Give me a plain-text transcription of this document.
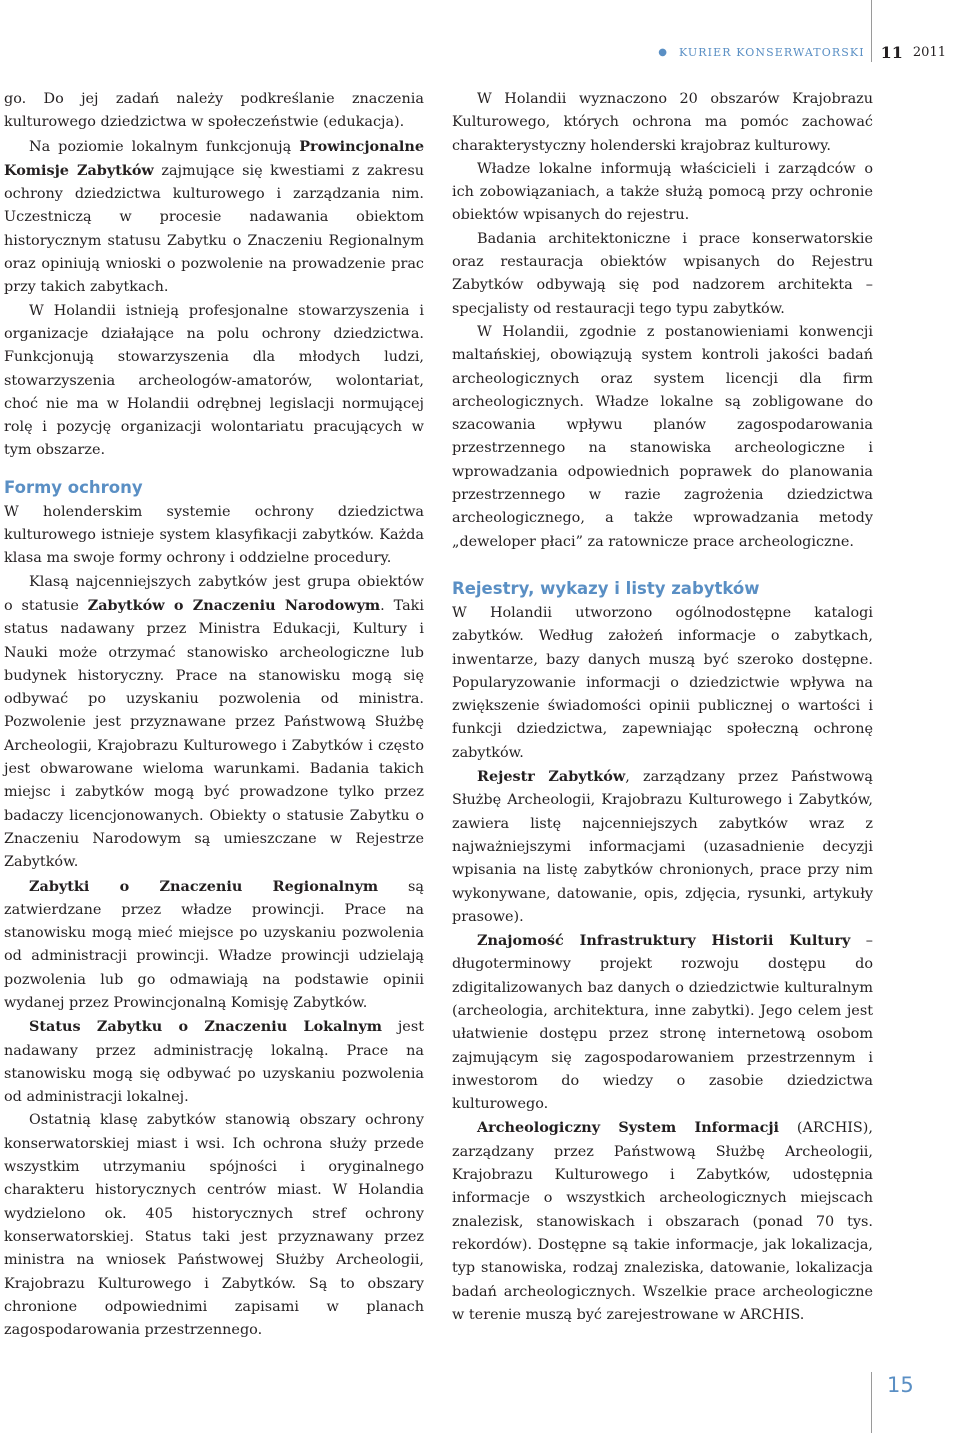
● KURIER KONSERWATORSKI 11 2011

go. Do jej zadań należy podkreślanie znaczenia kulturowego dziedzictwa w społeczeństwie (edukacja).

Na poziomie lokalnym funkcjonują Prowincjonalne Komisje Zabytków zajmujące się kwestiami z zakresu ochrony dziedzictwa kulturowego i zarządzania nim. Uczestniczą w procesie nadawania obiektom historycznym statusu Zabytku o Znaczeniu Regionalnym oraz opiniują wnioski o pozwolenie na prowadzenie prac przy takich zabytkach.

W Holandii istnieją profesjonalne stowarzyszenia i organizacje działające na polu ochrony dziedzictwa. Funkcjonują stowarzyszenia dla młodych ludzi, stowarzyszenia archeologów-amatorów, wolontariat, choć nie ma w Holandii odrębnej legislacji normującej rolę i pozycję organizacji wolontariatu pracujących w tym obszarze.

Formy ochrony

W holenderskim systemie ochrony dziedzictwa kulturowego istnieje system klasyfikacji zabytków. Każda klasa ma swoje formy ochrony i oddzielne procedury.

Klasą najcenniejszych zabytków jest grupa obiektów o statusie Zabytków o Znaczeniu Narodowym. Taki status nadawany przez Ministra Edukacji, Kultury i Nauki może otrzymać stanowisko archeologiczne lub budynek historyczny. Prace na stanowisku mogą się odbywać po uzyskaniu pozwolenia od ministra. Pozwolenie jest przyznawane przez Państwową Służbę Archeologii, Krajobrazu Kulturowego i Zabytków i często jest obwarowane wieloma warunkami. Badania takich miejsc i zabytków mogą być prowadzone tylko przez badaczy licencjonowanych. Obiekty o statusie Zabytku o Znaczeniu Narodowym są umieszczane w Rejestrze Zabytków.

Zabytki o Znaczeniu Regionalnym są zatwierdzane przez władze prowincji. Prace na stanowisku mogą mieć miejsce po uzyskaniu pozwolenia od administracji prowincji. Władze prowincji udzielają pozwolenia lub go odmawiają na podstawie opinii wydanej przez Prowincjonalną Komisję Zabytków.

Status Zabytku o Znaczeniu Lokalnym jest nadawany przez administrację lokalną. Prace na stanowisku mogą się odbywać po uzyskaniu pozwolenia od administracji lokalnej.

Ostatnią klasę zabytków stanowią obszary ochrony konserwatorskiej miast i wsi. Ich ochrona służy przede wszystkim utrzymaniu spójności i oryginalnego charakteru historycznych centrów miast. W Holandia wydzielono ok. 405 historycznych stref ochrony konserwatorskiej. Status taki jest przyznawany przez ministra na wniosek Państwowej Służby Archeologii, Krajobrazu Kulturowego i Zabytków. Są to obszary chronione odpowiednimi zapisami w planach zagospodarowania przestrzennego.

W Holandii wyznaczono 20 obszarów Krajobrazu Kulturowego, których ochrona ma pomóc zachować charakterystyczny holenderski krajobraz kulturowy.

Władze lokalne informują właścicieli i zarządców o ich zobowiązaniach, a także służą pomocą przy ochronie obiektów wpisanych do rejestru.

Badania architektoniczne i prace konserwatorskie oraz restauracja obiektów wpisanych do Rejestru Zabytków odbywają się pod nadzorem architekta – specjalisty od restauracji tego typu zabytków.

W Holandii, zgodnie z postanowieniami konwencji maltańskiej, obowiązują system kontroli jakości badań archeologicznych oraz system licencji dla firm archeologicznych. Władze lokalne są zobligowane do szacowania wpływu planów zagospodarowania przestrzennego na stanowiska archeologiczne i wprowadzania odpowiednich poprawek do planowania przestrzennego w razie zagrożenia dziedzictwa archeologicznego, a także wprowadzania metody „deweloper płaci” za ratownicze prace archeologiczne.

Rejestry, wykazy i listy zabytków

W Holandii utworzono ogólnodostępne katalogi zabytków. Według założeń informacje o zabytkach, inwentarze, bazy danych muszą być szeroko dostępne. Popularyzowanie informacji o dziedzictwie wpływa na zwiększenie świadomości opinii publicznej o wartości i funkcji dziedzictwa, zapewniając społeczną ochronę zabytków.

Rejestr Zabytków, zarządzany przez Państwową Służbę Archeologii, Krajobrazu Kulturowego i Zabytków, zawiera listę najcenniejszych zabytków wraz z najważniejszymi informacjami (uzasadnienie decyzji wpisania na listę zabytków chronionych, prace przy nim wykonywane, datowanie, opis, zdjęcia, rysunki, artykuły prasowe).

Znajomość Infrastruktury Historii Kultury – długoterminowy projekt rozwoju dostępu do zdigitalizowanych baz danych o dziedzictwie kulturalnym (archeologia, architektura, inne zabytki). Jego celem jest ułatwienie dostępu przez stronę internetową osobom zajmującym się zagospodarowaniem przestrzennym i inwestorom do wiedzy o zasobie dziedzictwa kulturowego.

Archeologiczny System Informacji (ARCHIS), zarządzany przez Państwową Służbę Archeologii, Krajobrazu Kulturowego i Zabytków, udostępnia informacje o wszystkich archeologicznych miejscach znalezisk, stanowiskach i obszarach (ponad 70 tys. rekordów). Dostępne są takie informacje, jak lokalizacja, typ stanowiska, rodzaj znaleziska, datowanie, lokalizacja badań archeologicznych. Wszelkie prace archeologiczne w terenie muszą być zarejestrowane w ARCHIS.

15
